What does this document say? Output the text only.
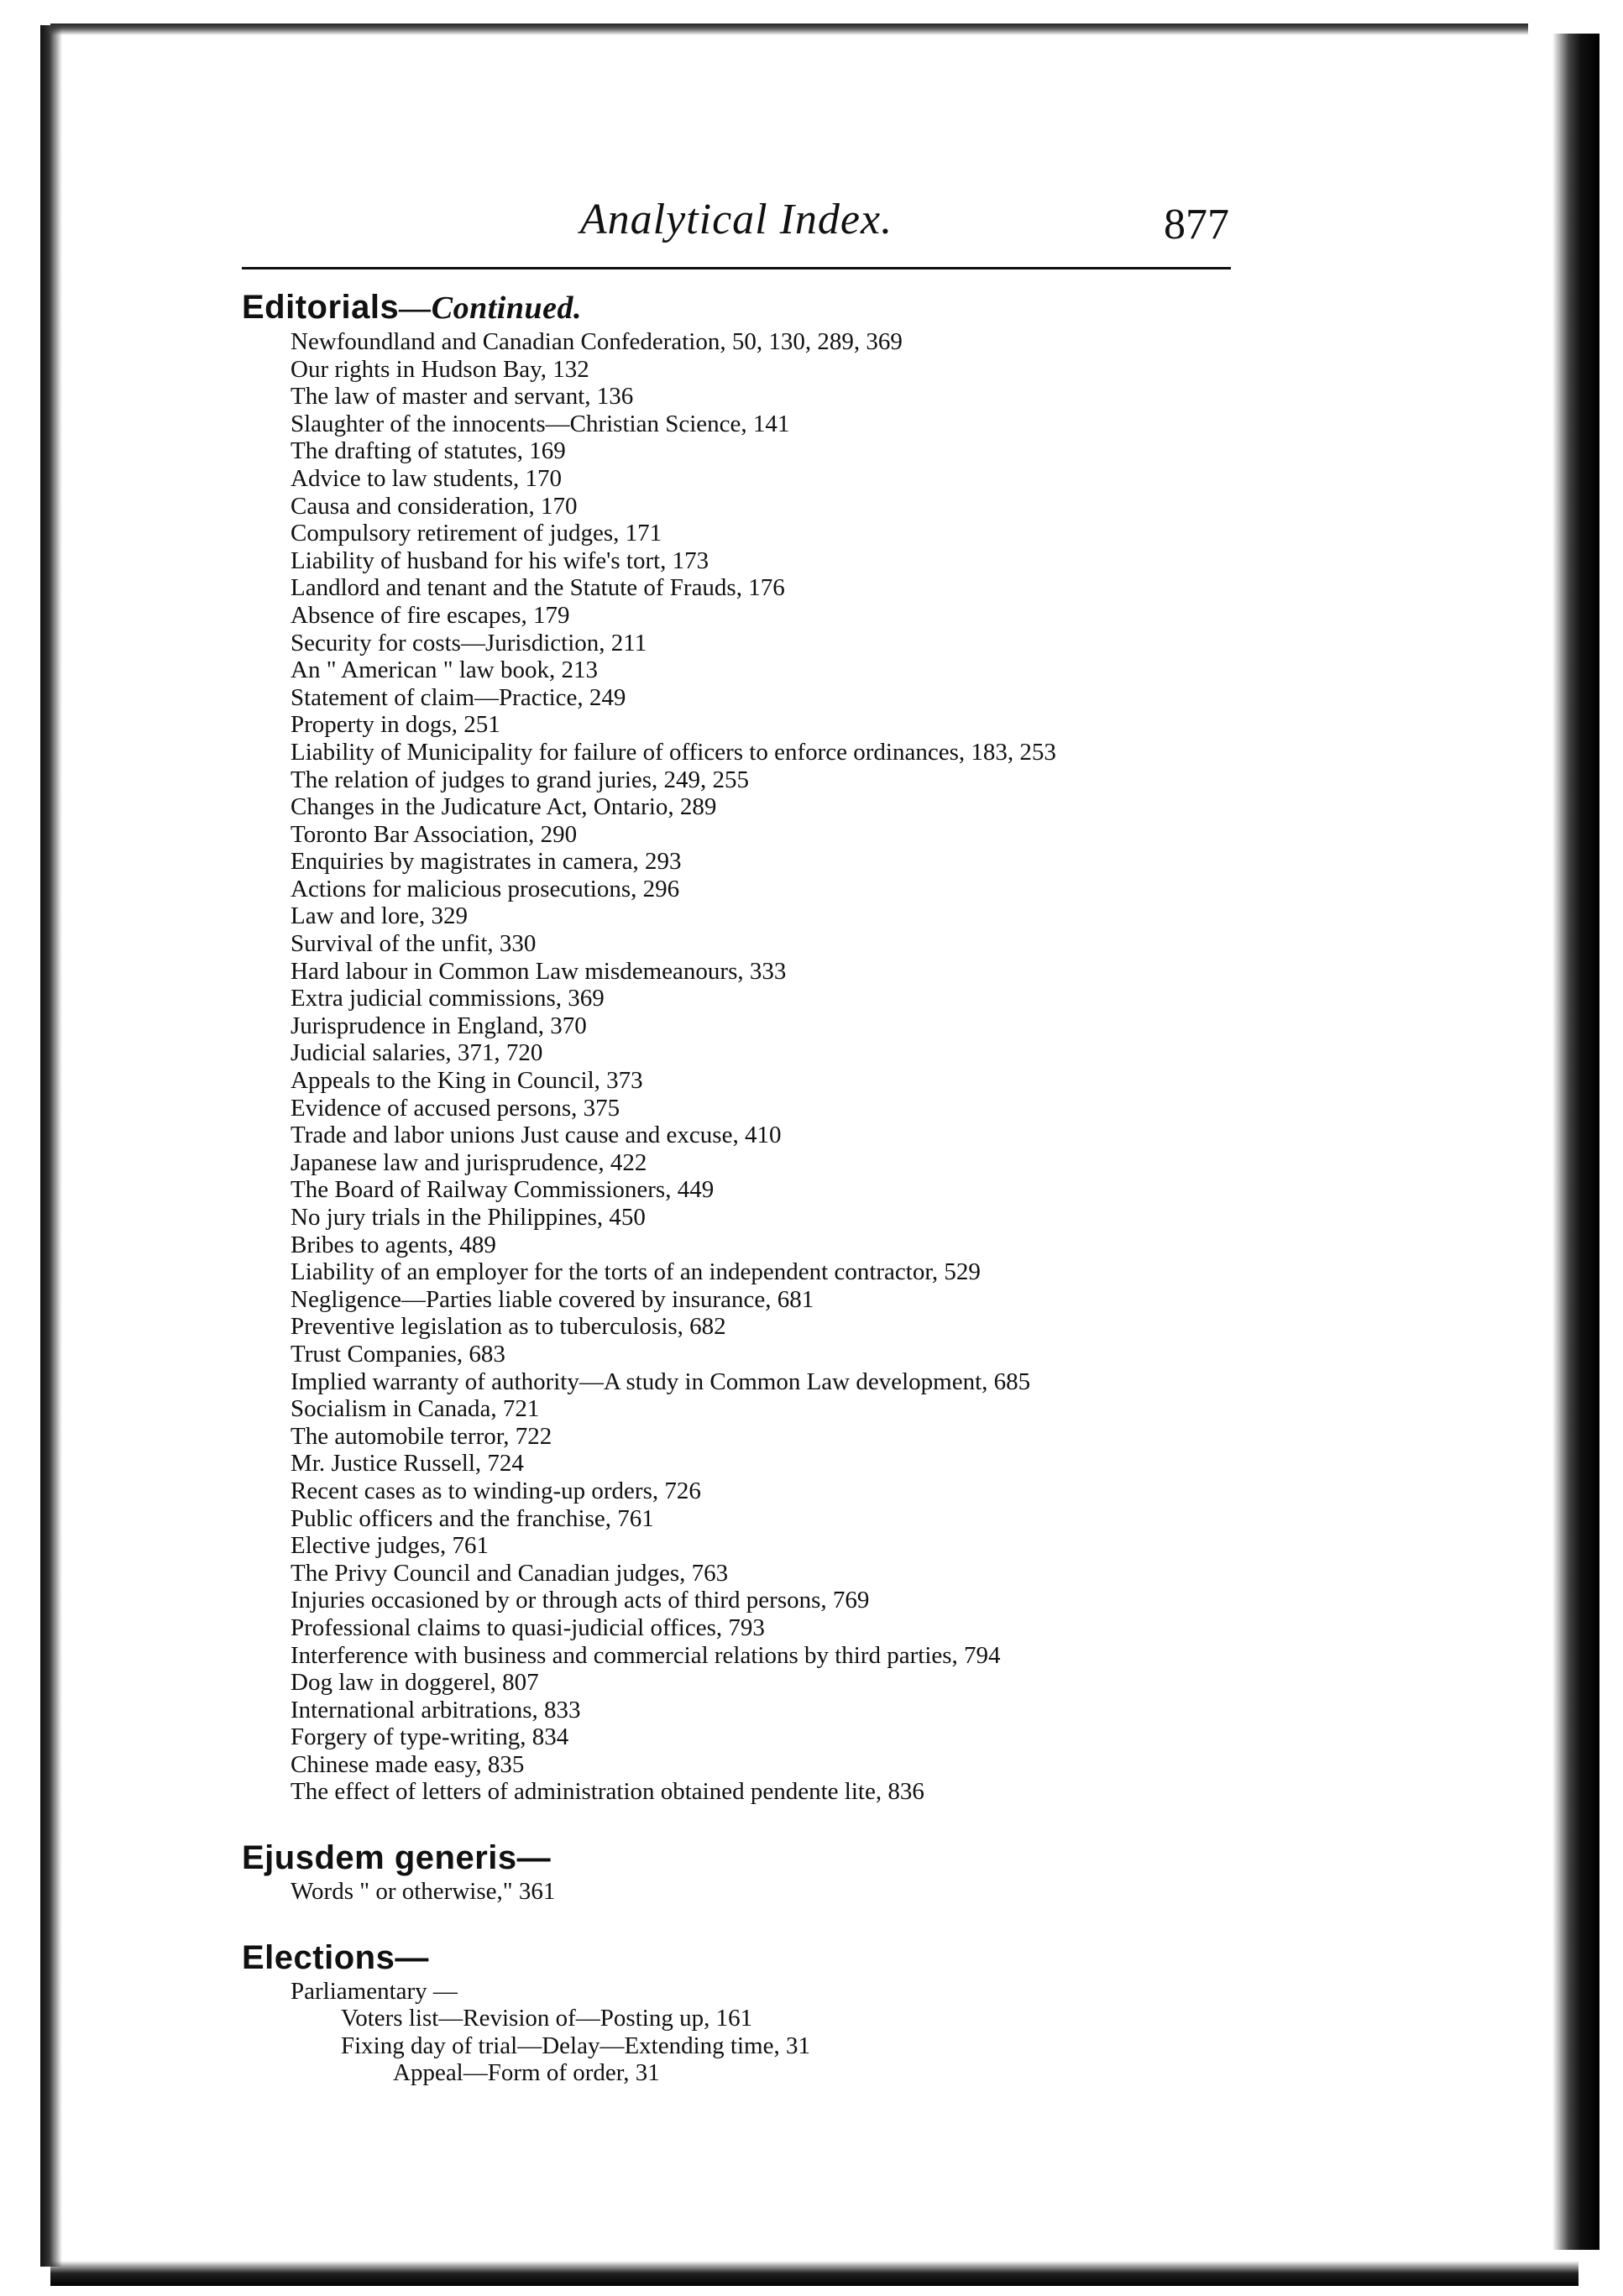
Analytical Index.	877
Editorials—Continued.
Newfoundland and Canadian Confederation, 50, 130, 289, 369
Our rights in Hudson Bay, 132
The law of master and servant, 136
Slaughter of the innocents—Christian Science, 141
The drafting of statutes, 169
Advice to law students, 170
Causa and consideration, 170
Compulsory retirement of judges, 171
Liability of husband for his wife's tort, 173
Landlord and tenant and the Statute of Frauds, 176
Absence of fire escapes, 179
Security for costs—Jurisdiction, 211
An " American " law book, 213
Statement of claim—Practice, 249
Property in dogs, 251
Liability of Municipality for failure of officers to enforce ordinances, 183, 253
The relation of judges to grand juries, 249, 255
Changes in the Judicature Act, Ontario, 289
Toronto Bar Association, 290
Enquiries by magistrates in camera, 293
Actions for malicious prosecutions, 296
Law and lore, 329
Survival of the unfit, 330
Hard labour in Common Law misdemeanours, 333
Extra judicial commissions, 369
Jurisprudence in England, 370
Judicial salaries, 371, 720
Appeals to the King in Council, 373
Evidence of accused persons, 375
Trade and labor unions Just cause and excuse, 410
Japanese law and jurisprudence, 422
The Board of Railway Commissioners, 449
No jury trials in the Philippines, 450
Bribes to agents, 489
Liability of an employer for the torts of an independent contractor, 529
Negligence—Parties liable covered by insurance, 681
Preventive legislation as to tuberculosis, 682
Trust Companies, 683
Implied warranty of authority—A study in Common Law development, 685
Socialism in Canada, 721
The automobile terror, 722
Mr. Justice Russell, 724
Recent cases as to winding-up orders, 726
Public officers and the franchise, 761
Elective judges, 761
The Privy Council and Canadian judges, 763
Injuries occasioned by or through acts of third persons, 769
Professional claims to quasi-judicial offices, 793
Interference with business and commercial relations by third parties, 794
Dog law in doggerel, 807
International arbitrations, 833
Forgery of type-writing, 834
Chinese made easy, 835
The effect of letters of administration obtained pendente lite, 836
Ejusdem generis—
Words " or otherwise," 361
Elections—
Parliamentary —
Voters list—Revision of—Posting up, 161
Fixing day of trial—Delay—Extending time, 31
Appeal—Form of order, 31
